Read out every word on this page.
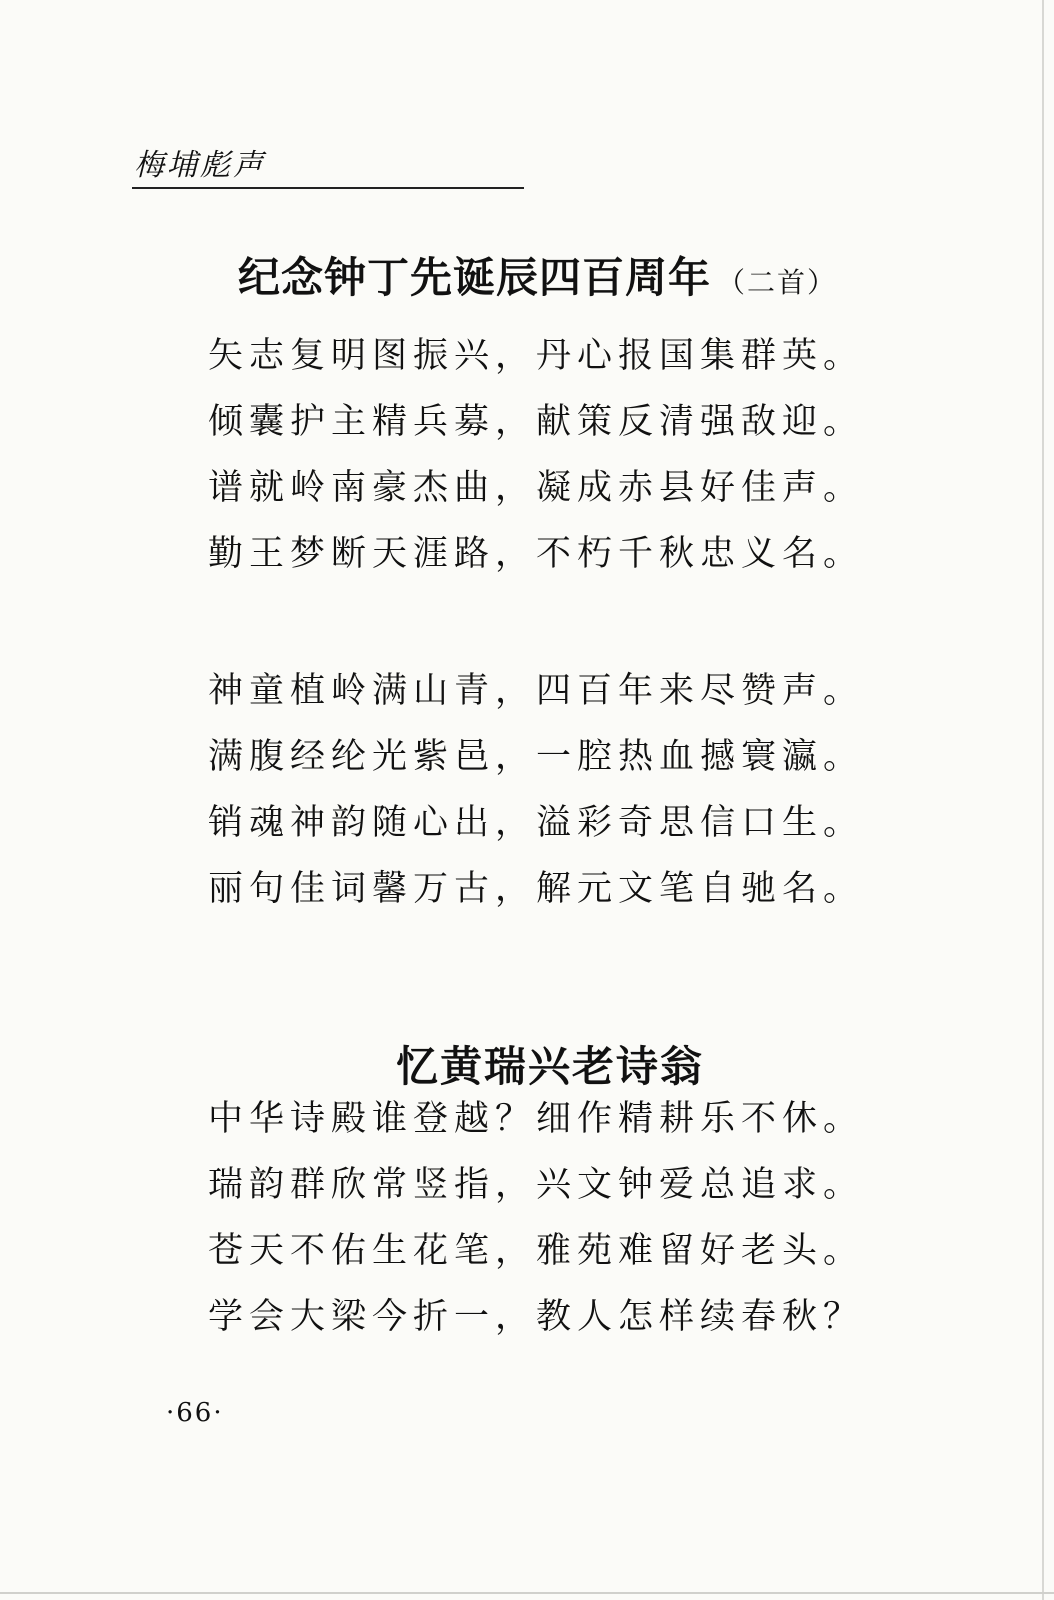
梅埔彪声
纪念钟丁先诞辰四百周年 （二首）
矢志复明图振兴，丹心报国集群英。
倾囊护主精兵募，献策反清强敌迎。
谱就岭南豪杰曲，凝成赤县好佳声。
勤王梦断天涯路，不朽千秋忠义名。
神童植岭满山青，四百年来尽赞声。
满腹经纶光紫邑，一腔热血撼寰瀛。
销魂神韵随心出，溢彩奇思信口生。
丽句佳词馨万古，解元文笔自驰名。
忆黄瑞兴老诗翁
中华诗殿谁登越？细作精耕乐不休。
瑞韵群欣常竖指，兴文钟爱总追求。
苍天不佑生花笔，雅苑难留好老头。
学会大梁今折一，教人怎样续春秋？
·66·
